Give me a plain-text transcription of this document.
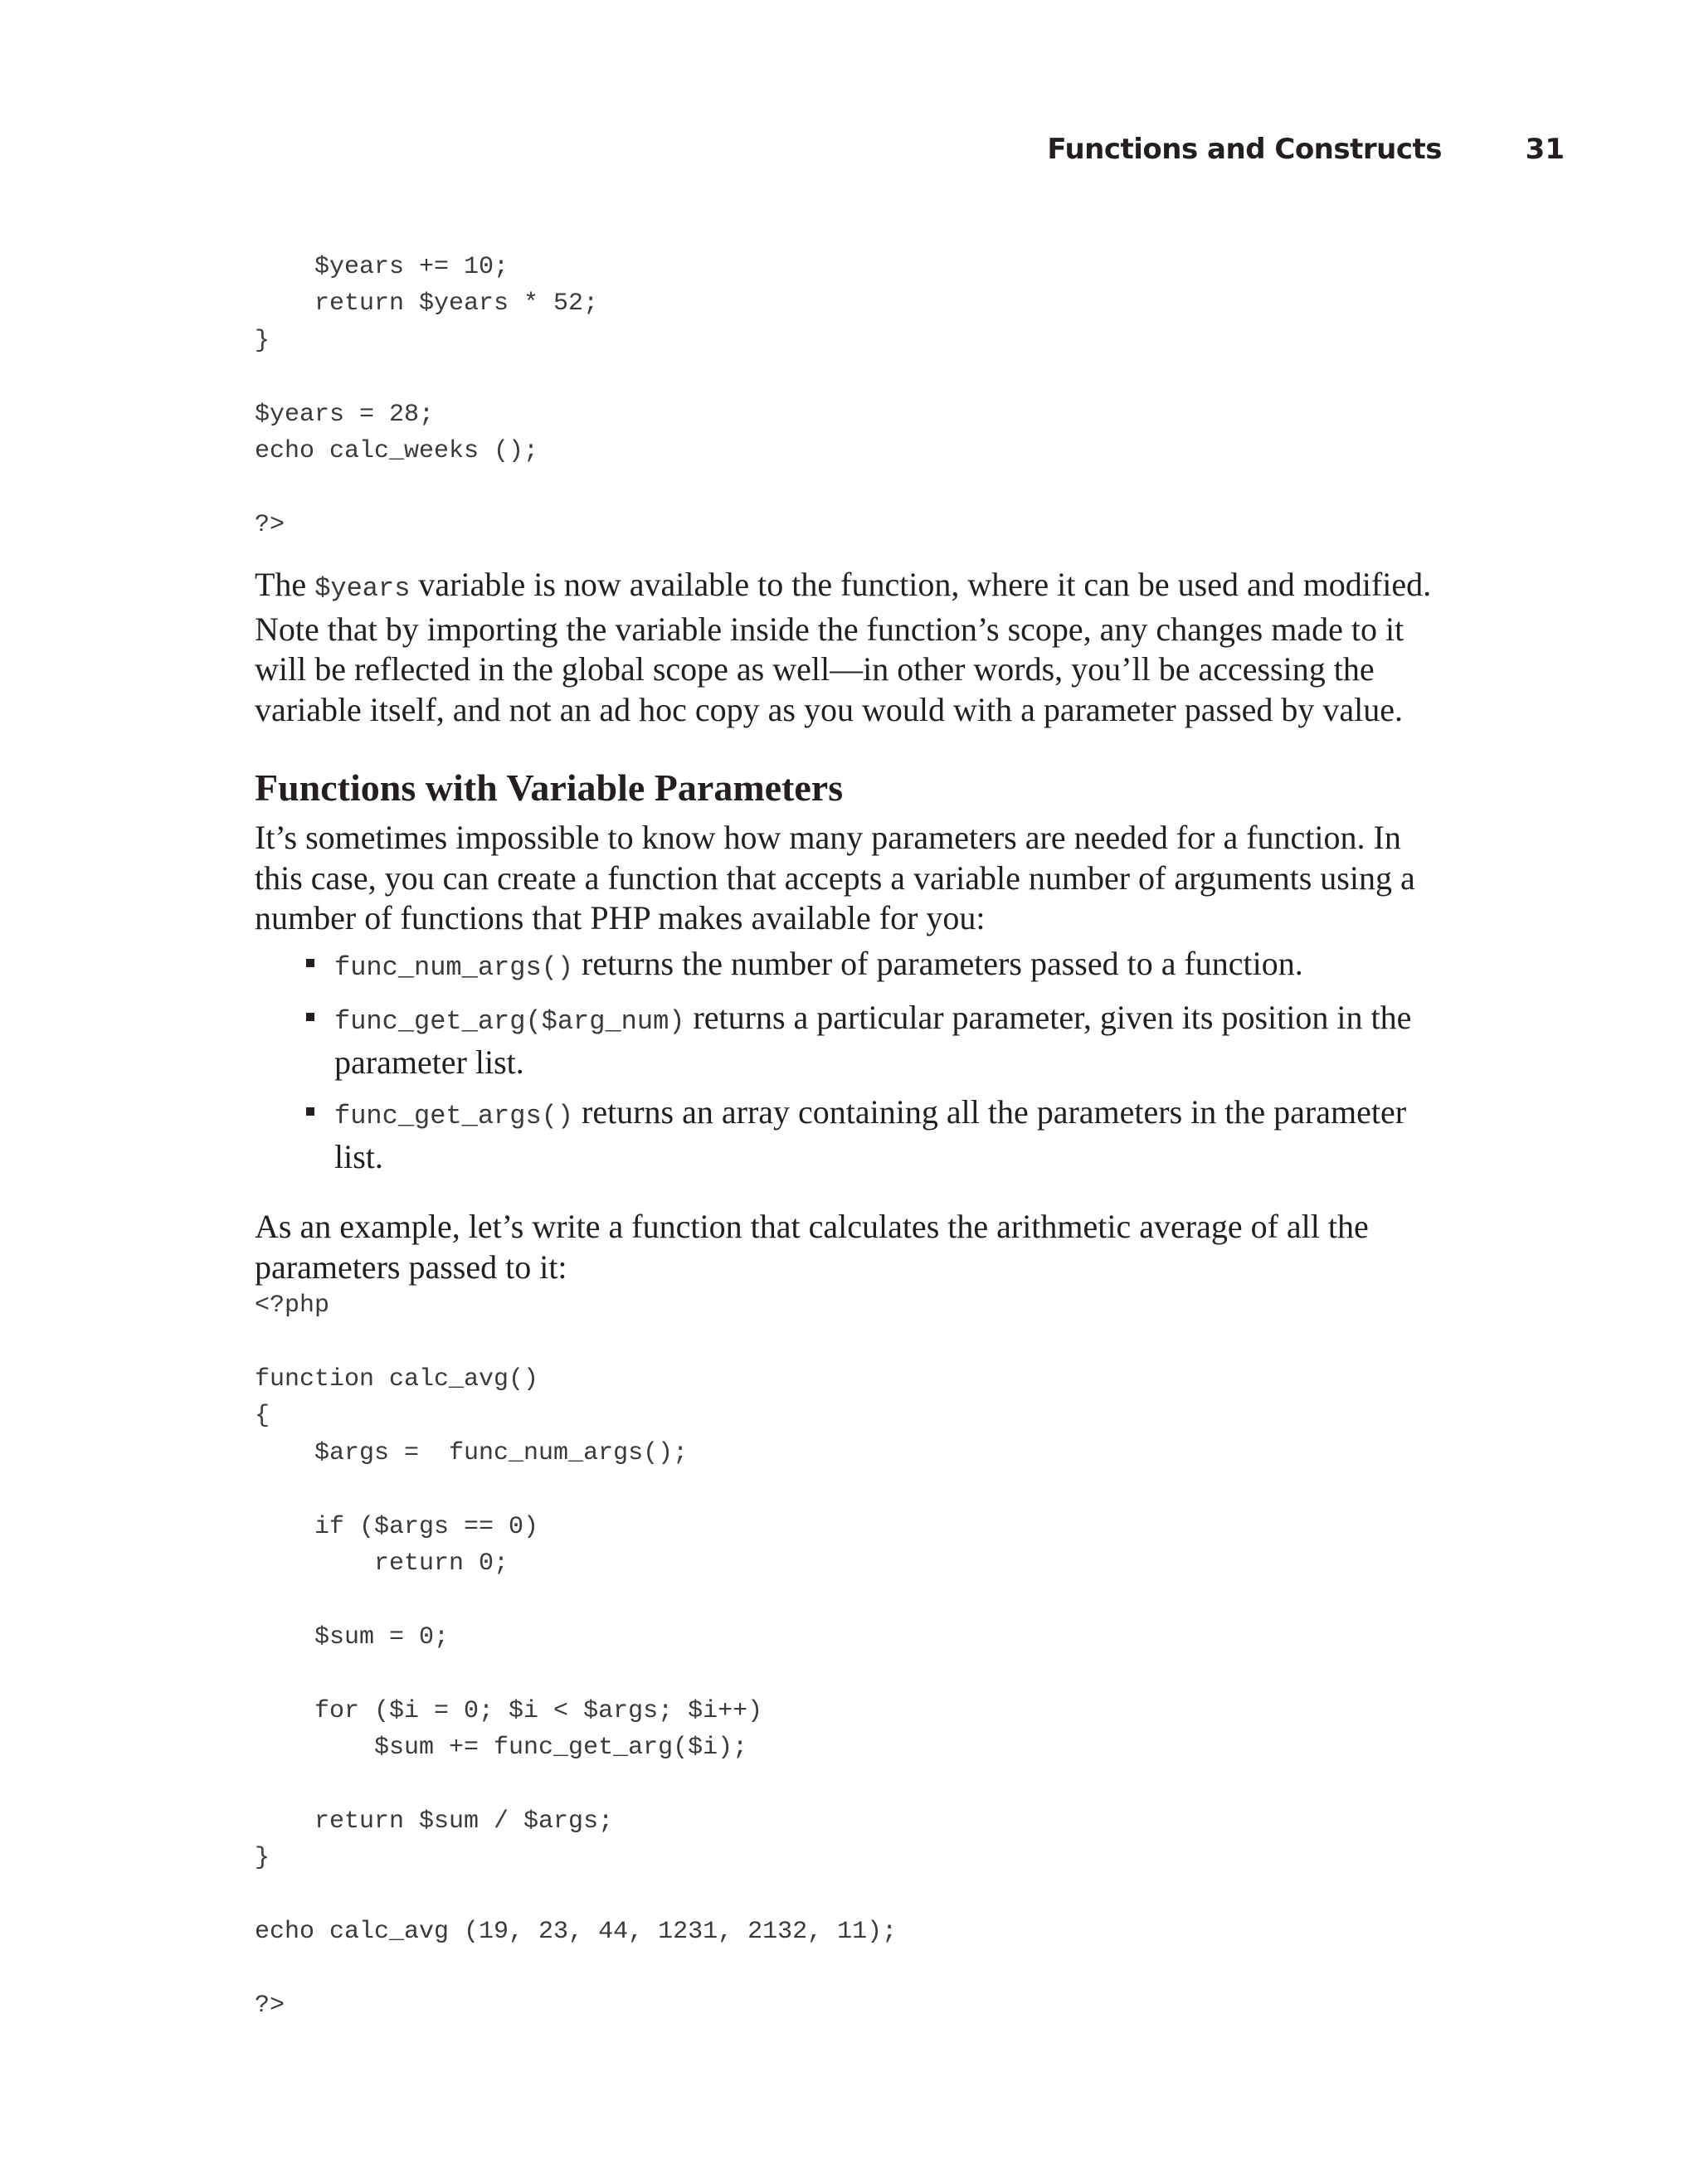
Functions and Constructs	31
$years += 10;
return $years * 52;
}

$years = 28;
echo calc_weeks ();

?>

The $years variable is now available to the function, where it can be used and modified. Note that by importing the variable inside the function’s scope, any changes made to it will be reflected in the global scope as well—in other words, you’ll be accessing the variable itself, and not an ad hoc copy as you would with a parameter passed by value.

Functions with Variable Parameters

It’s sometimes impossible to know how many parameters are needed for a function. In this case, you can create a function that accepts a variable number of arguments using a number of functions that PHP makes available for you:

func_num_args() returns the number of parameters passed to a function.
func_get_arg($arg_num) returns a particular parameter, given its position in the parameter list.
func_get_args() returns an array containing all the parameters in the parameter list.

As an example, let’s write a function that calculates the arithmetic average of all the parameters passed to it:

<?php

function calc_avg()
{
$args =  func_num_args();

if ($args == 0)
return 0;

$sum = 0;

for ($i = 0; $i < $args; $i++)
$sum += func_get_arg($i);

return $sum / $args;
}

echo calc_avg (19, 23, 44, 1231, 2132, 11);

?>
